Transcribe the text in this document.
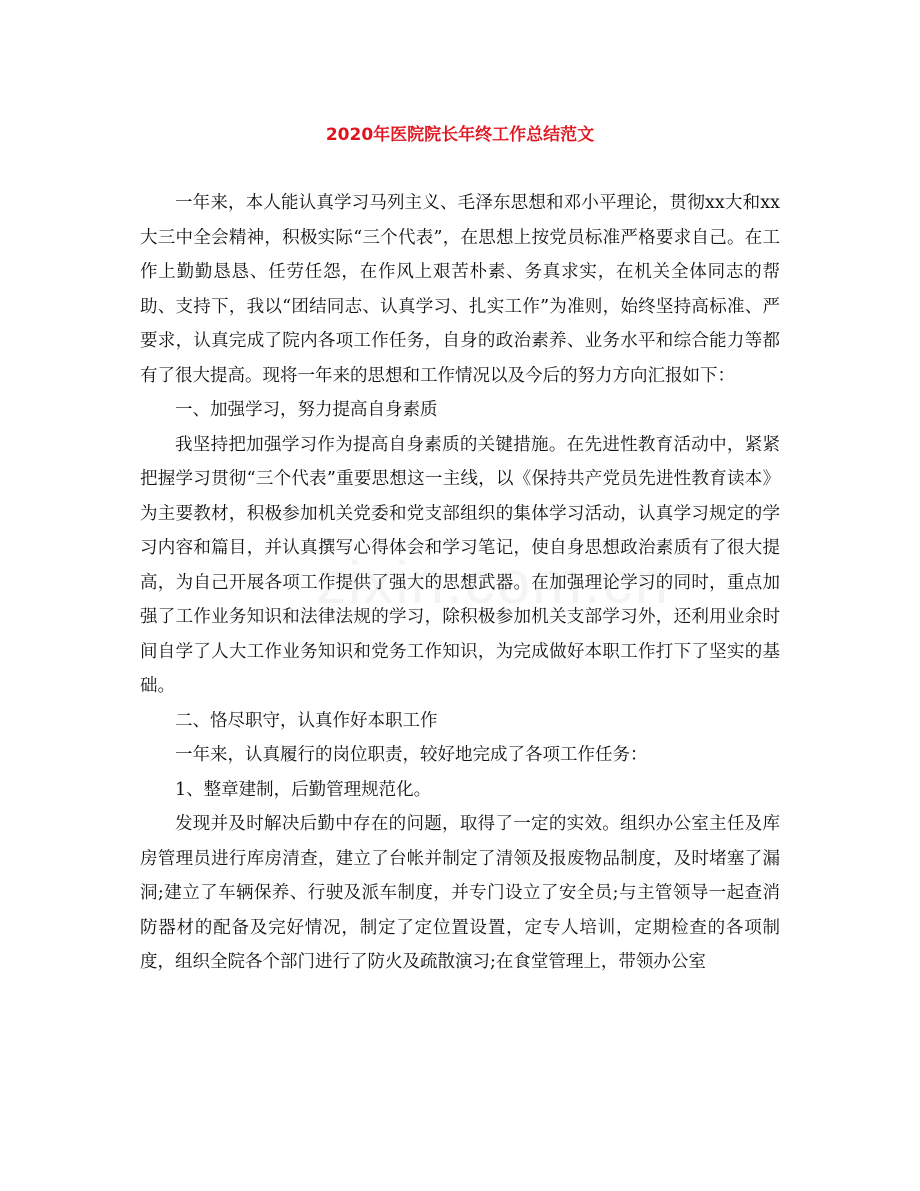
2020年医院院长年终工作总结范文

一年来，本人能认真学习马列主义、毛泽东思想和邓小平理论，贯彻xx大和xx大三中全会精神，积极实际“三个代表”，在思想上按党员标准严格要求自己。在工作上勤勤恳恳、任劳任怨，在作风上艰苦朴素、务真求实，在机关全体同志的帮助、支持下，我以“团结同志、认真学习、扎实工作”为准则，始终坚持高标准、严要求，认真完成了院内各项工作任务，自身的政治素养、业务水平和综合能力等都有了很大提高。现将一年来的思想和工作情况以及今后的努力方向汇报如下：

一、加强学习，努力提高自身素质

我坚持把加强学习作为提高自身素质的关键措施。在先进性教育活动中，紧紧把握学习贯彻“三个代表”重要思想这一主线，以《保持共产党员先进性教育读本》为主要教材，积极参加机关党委和党支部组织的集体学习活动，认真学习规定的学习内容和篇目，并认真撰写心得体会和学习笔记，使自身思想政治素质有了很大提高，为自己开展各项工作提供了强大的思想武器。在加强理论学习的同时，重点加强了工作业务知识和法律法规的学习，除积极参加机关支部学习外，还利用业余时间自学了人大工作业务知识和党务工作知识，为完成做好本职工作打下了坚实的基础。

二、恪尽职守，认真作好本职工作

一年来，认真履行的岗位职责，较好地完成了各项工作任务：

1、整章建制，后勤管理规范化。

发现并及时解决后勤中存在的问题，取得了一定的实效。组织办公室主任及库房管理员进行库房清查，建立了台帐并制定了清领及报废物品制度，及时堵塞了漏洞;建立了车辆保养、行驶及派车制度，并专门设立了安全员;与主管领导一起查消防器材的配备及完好情况，制定了定位置设置，定专人培训，定期检查的各项制度，组织全院各个部门进行了防火及疏散演习;在食堂管理上，带领办公室
